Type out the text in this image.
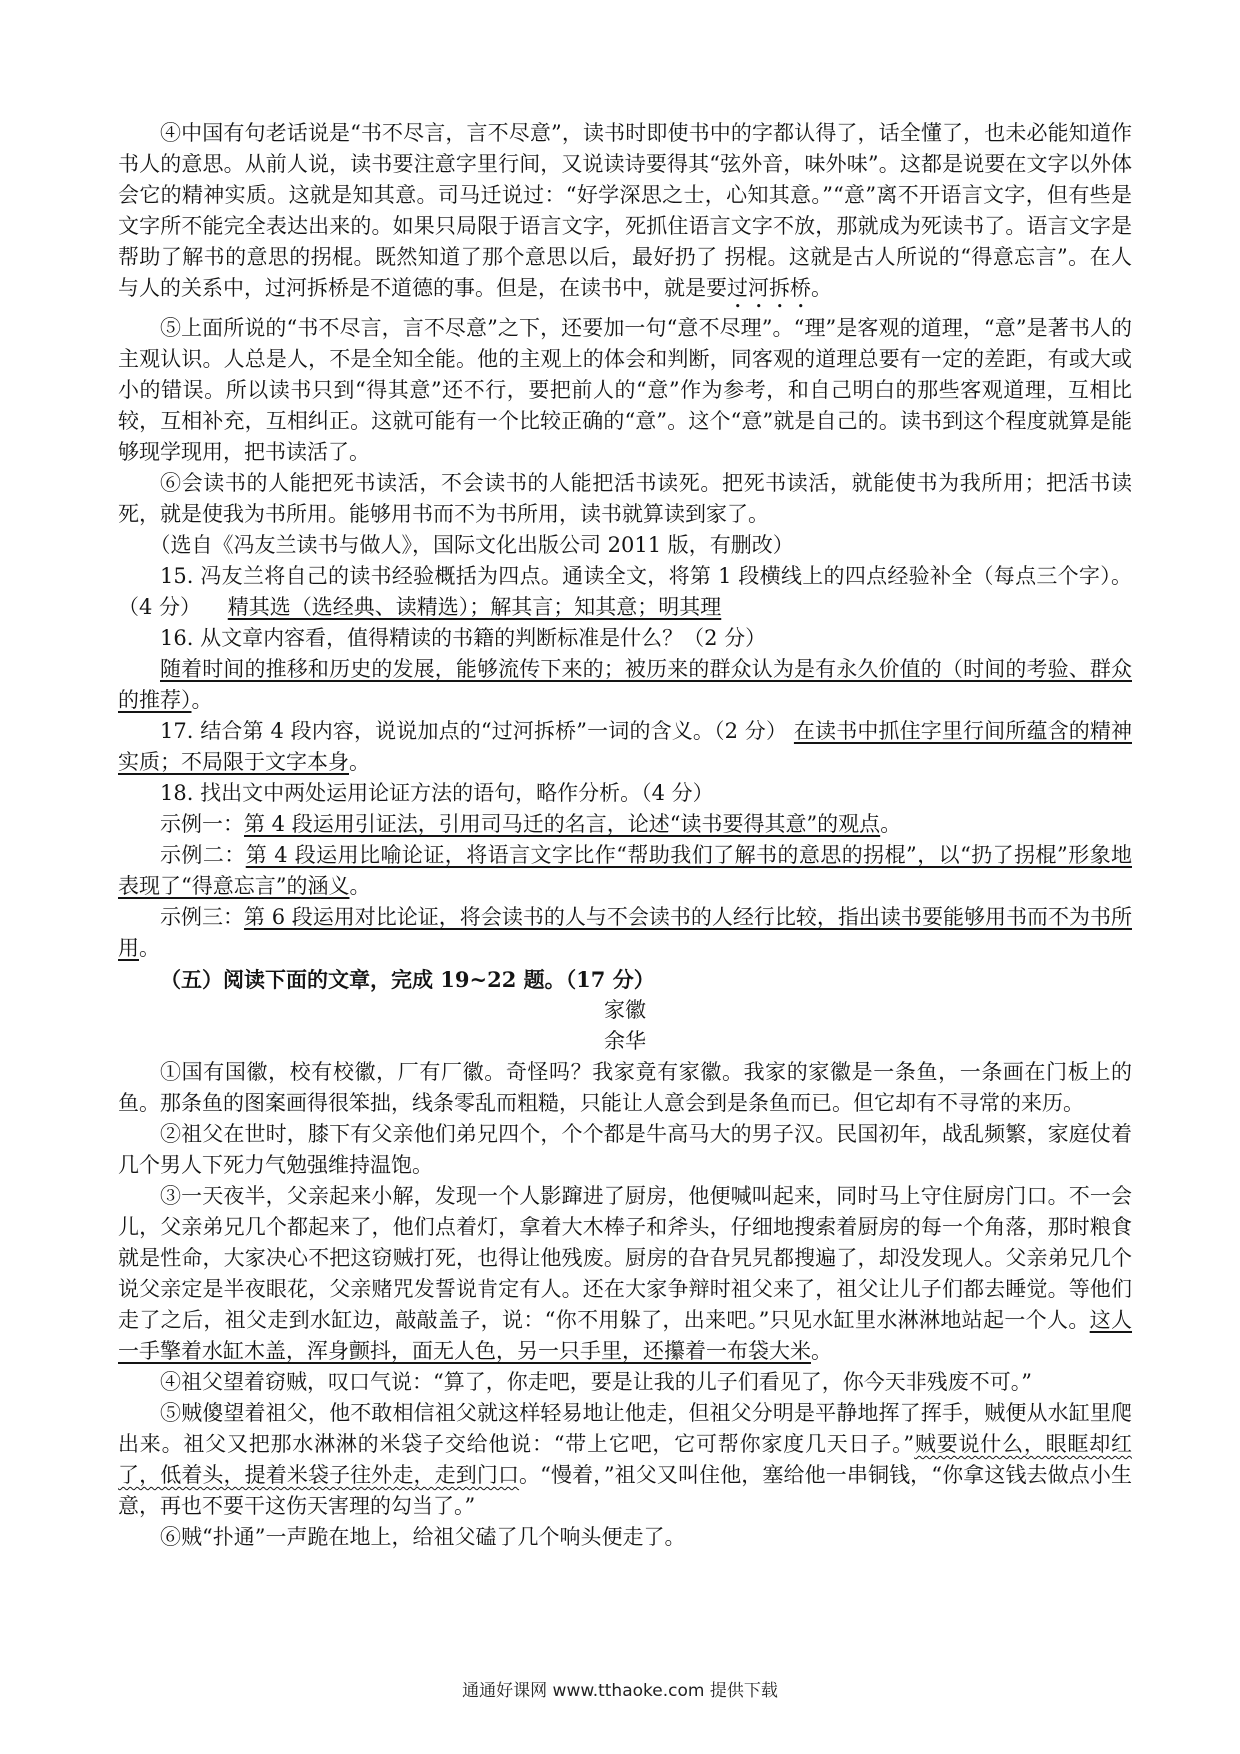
④中国有句老话说是“书不尽言，言不尽意”，读书时即使书中的字都认得了，话全懂了，也未必能知道作书人的意思。从前人说，读书要注意字里行间，又说读诗要得其“弦外音，味外味”。这都是说要在文字以外体会它的精神实质。这就是知其意。司马迁说过：“好学深思之士，心知其意。”“意”离不开语言文字，但有些是文字所不能完全表达出来的。如果只局限于语言文字，死抓住语言文字不放，那就成为死读书了。语言文字是帮助了解书的意思的拐棍。既然知道了那个意思以后，最好扔了 拐棍。这就是古人所说的“得意忘言”。在人与人的关系中，过河拆桥是不道德的事。但是，在读书中，就是要过河拆桥。

⑤上面所说的“书不尽言，言不尽意”之下，还要加一句“意不尽理”。“理”是客观的道理，“意”是著书人的主观认识。人总是人，不是全知全能。他的主观上的体会和判断，同客观的道理总要有一定的差距，有或大或小的错误。所以读书只到“得其意”还不行，要把前人的“意”作为参考，和自己明白的那些客观道理，互相比较，互相补充，互相纠正。这就可能有一个比较正确的“意”。这个“意”就是自己的。读书到这个程度就算是能够现学现用，把书读活了。

⑥会读书的人能把死书读活，不会读书的人能把活书读死。把死书读活，就能使书为我所用；把活书读死，就是使我为书所用。能够用书而不为书所用，读书就算读到家了。

（选自《冯友兰读书与做人》，国际文化出版公司 2011 版，有删改）

15. 冯友兰将自己的读书经验概括为四点。通读全文，将第 1 段横线上的四点经验补全（每点三个字）。（4 分） 精其选（选经典、读精选）；解其言；知其意；明其理

16. 从文章内容看，值得精读的书籍的判断标准是什么？（2 分）

随着时间的推移和历史的发展，能够流传下来的；被历来的群众认为是有永久价值的（时间的考验、群众的推荐）。

17. 结合第 4 段内容，说说加点的“过河拆桥”一词的含义。（2 分） 在读书中抓住字里行间所蕴含的精神实质；不局限于文字本身。

18. 找出文中两处运用论证方法的语句，略作分析。（4 分）

示例一：第 4 段运用引证法，引用司马迁的名言，论述“读书要得其意”的观点。

示例二：第 4 段运用比喻论证，将语言文字比作“帮助我们了解书的意思的拐棍”，以“扔了拐棍”形象地表现了“得意忘言”的涵义。

示例三：第 6 段运用对比论证，将会读书的人与不会读书的人经行比较，指出读书要能够用书而不为书所用。

（五）阅读下面的文章，完成 19~22 题。（17 分）

家徽

余华

①国有国徽，校有校徽，厂有厂徽。奇怪吗？我家竟有家徽。我家的家徽是一条鱼，一条画在门板上的鱼。那条鱼的图案画得很笨拙，线条零乱而粗糙，只能让人意会到是条鱼而已。但它却有不寻常的来历。

②祖父在世时，膝下有父亲他们弟兄四个，个个都是牛高马大的男子汉。民国初年，战乱频繁，家庭仗着几个男人下死力气勉强维持温饱。

③一天夜半，父亲起来小解，发现一个人影蹿进了厨房，他便喊叫起来，同时马上守住厨房门口。不一会儿，父亲弟兄几个都起来了，他们点着灯，拿着大木棒子和斧头，仔细地搜索着厨房的每一个角落，那时粮食就是性命，大家决心不把这窃贼打死，也得让他残废。厨房的旮旮旯旯都搜遍了，却没发现人。父亲弟兄几个说父亲定是半夜眼花，父亲赌咒发誓说肯定有人。还在大家争辩时祖父来了，祖父让儿子们都去睡觉。等他们走了之后，祖父走到水缸边，敲敲盖子，说：“你不用躲了，出来吧。”只见水缸里水淋淋地站起一个人。这人一手擎着水缸木盖，浑身颤抖，面无人色，另一只手里，还攥着一布袋大米。

④祖父望着窃贼，叹口气说：“算了，你走吧，要是让我的儿子们看见了，你今天非残废不可。”

⑤贼傻望着祖父，他不敢相信祖父就这样轻易地让他走，但祖父分明是平静地挥了挥手，贼便从水缸里爬出来。祖父又把那水淋淋的米袋子交给他说：“带上它吧，它可帮你家度几天日子。”贼要说什么，眼眶却红了，低着头，提着米袋子往外走，走到门口。“慢着，”祖父又叫住他，塞给他一串铜钱，“你拿这钱去做点小生意，再也不要干这伤天害理的勾当了。”

⑥贼“扑通”一声跪在地上，给祖父磕了几个响头便走了。

通通好课网 www.tthaoke.com 提供下载
